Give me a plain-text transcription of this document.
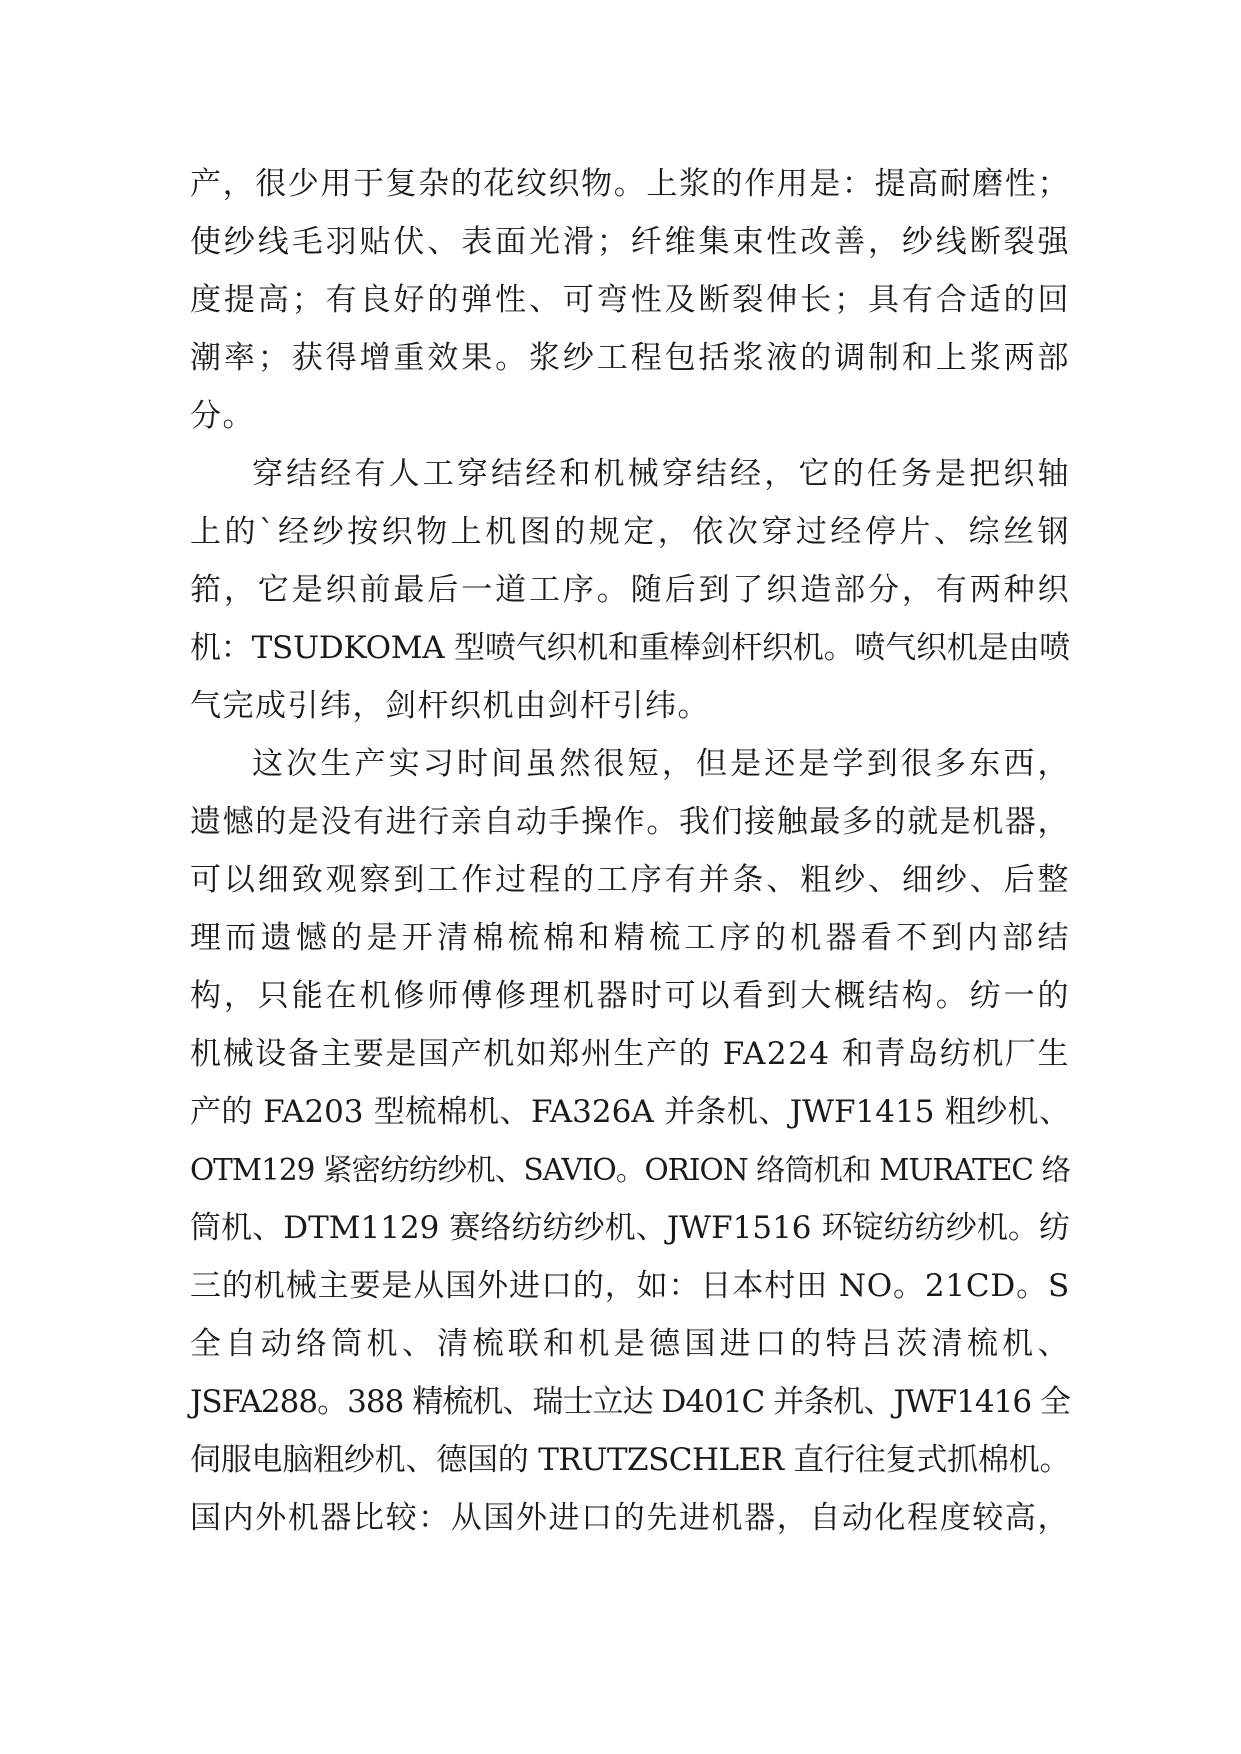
产，很少用于复杂的花纹织物。上浆的作用是：提高耐磨性；

使纱线毛羽贴伏、表面光滑；纤维集束性改善，纱线断裂强

度提高；有良好的弹性、可弯性及断裂伸长；具有合适的回

潮率；获得增重效果。浆纱工程包括浆液的调制和上浆两部

分。

穿结经有人工穿结经和机械穿结经，它的任务是把织轴

上的`经纱按织物上机图的规定，依次穿过经停片、综丝钢

筘，它是织前最后一道工序。随后到了织造部分，有两种织

机：TSUDKOMA 型喷气织机和重棒剑杆织机。喷气织机是由喷

气完成引纬，剑杆织机由剑杆引纬。

这次生产实习时间虽然很短，但是还是学到很多东西，

遗憾的是没有进行亲自动手操作。我们接触最多的就是机器，

可以细致观察到工作过程的工序有并条、粗纱、细纱、后整

理而遗憾的是开清棉梳棉和精梳工序的机器看不到内部结

构，只能在机修师傅修理机器时可以看到大概结构。纺一的

机械设备主要是国产机如郑州生产的 FA224 和青岛纺机厂生

产的 FA203 型梳棉机、FA326A 并条机、JWF1415 粗纱机、

OTM129 紧密纺纺纱机、SAVIO。ORION 络筒机和 MURATEC 络

筒机、DTM1129 赛络纺纺纱机、JWF1516 环锭纺纺纱机。纺

三的机械主要是从国外进口的，如：日本村田 NO。21CD。S

全自动络筒机、清梳联和机是德国进口的特吕茨清梳机、

JSFA288。388 精梳机、瑞士立达 D401C 并条机、JWF1416 全

伺服电脑粗纱机、德国的 TRUTZSCHLER 直行往复式抓棉机。

国内外机器比较：从国外进口的先进机器，自动化程度较高，
